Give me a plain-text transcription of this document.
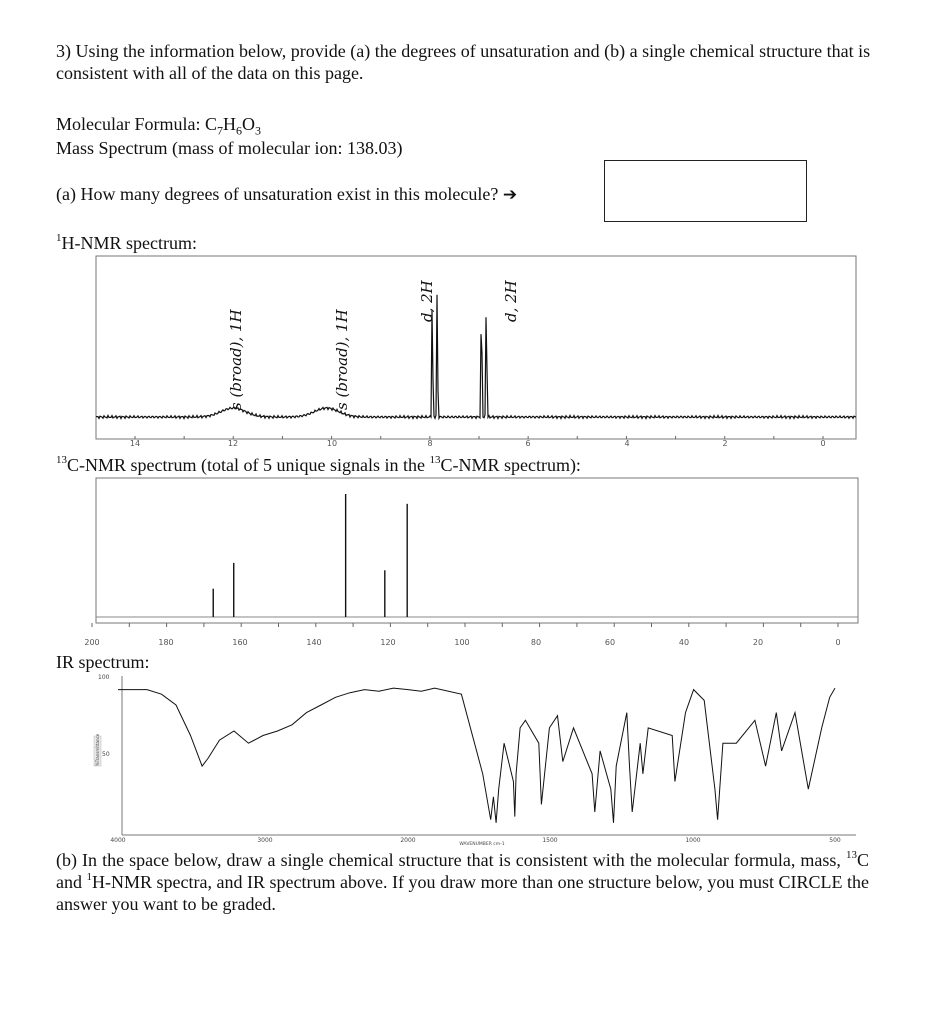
3) Using the information below, provide (a) the degrees of unsaturation and (b) a single chemical structure that is consistent with all of the data on this page.
Molecular Formula: $C_7H_6O_3$
Mass Spectrum (mass of molecular ion: 138.03)
(a) How many degrees of unsaturation exist in this molecule? ➔
$^1$H-NMR spectrum:
$^{13}$C-NMR spectrum (total of 5 unique signals in the $^{13}$C-NMR spectrum):
IR spectrum:
(b) In the space below, draw a single chemical structure that is consistent with the molecular formula, mass, $^{13}$C and $^1$H-NMR spectra, and IR spectrum above. If you draw more than one structure below, you must CIRCLE the answer you want to be graded.
s (broad), 1H	s (broad), 1H
d, 2H	d, 2H
14	12	10	8	6	4	2	0
200	180	160	140	120	100	80	60	40	20	0
%Transmittance
100
50
4000	3000	2000	1500	1000	500
WAVENUMBER cm-1
